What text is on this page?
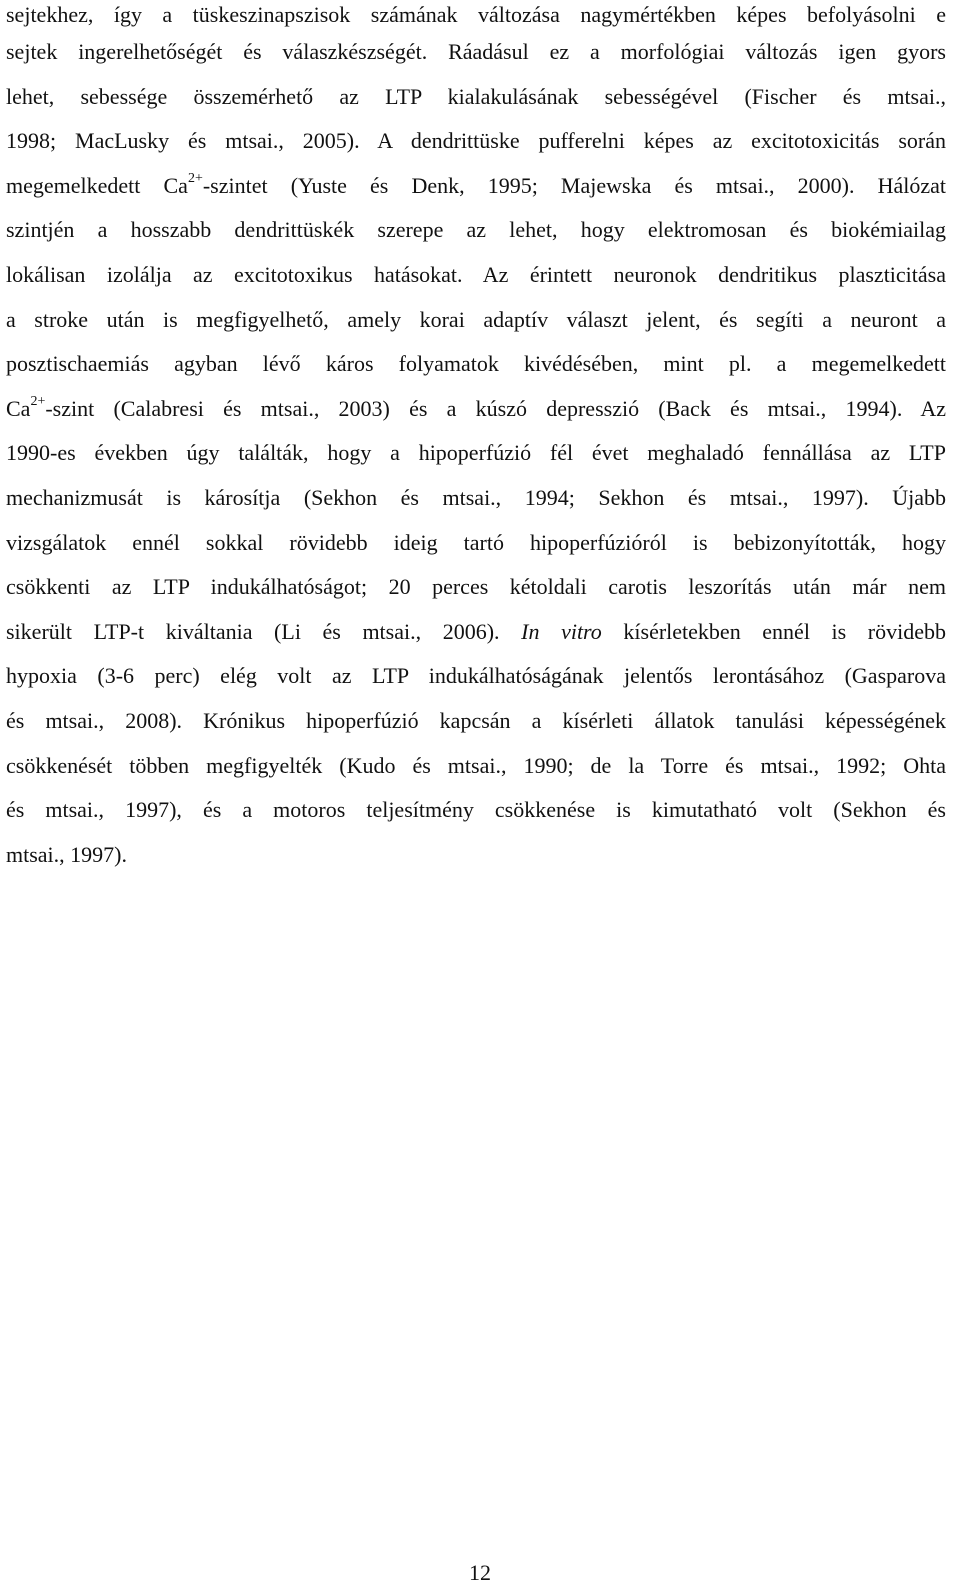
sejtekhez, így a tüskeszinapszisok számának változása nagymértékben képes befolyásolni e
sejtek ingerelhetőségét és válaszkészségét. Ráadásul ez a morfológiai változás igen gyors
lehet, sebessége összemérhető az LTP kialakulásának sebességével (Fischer és mtsai.,
1998; MacLusky és mtsai., 2005). A dendrittüske pufferelni képes az excitotoxicitás során
megemelkedett $Ca^{2+}$-szintet (Yuste és Denk, 1995; Majewska és mtsai., 2000). Hálózat
szintjén a hosszabb dendrittüskék szerepe az lehet, hogy elektromosan és biokémiailag
lokálisan izolálja az excitotoxikus hatásokat. Az érintett neuronok dendritikus plaszticitása
a stroke után is megfigyelhető, amely korai adaptív választ jelent, és segíti a neuront a
posztischaemiás agyban lévő káros folyamatok kivédésében, mint pl. a megemelkedett
$Ca^{2+}$-szint (Calabresi és mtsai., 2003) és a kúszó depresszió (Back és mtsai., 1994). Az
1990-es években úgy találták, hogy a hipoperfúzió fél évet meghaladó fennállása az LTP
mechanizmusát is károsítja (Sekhon és mtsai., 1994; Sekhon és mtsai., 1997). Újabb
vizsgálatok ennél sokkal rövidebb ideig tartó hipoperfúzióról is bebizonyították, hogy
csökkenti az LTP indukálhatóságot; 20 perces kétoldali carotis leszorítás után már nem
sikerült LTP-t kiváltania (Li és mtsai., 2006). In vitro kísérletekben ennél is rövidebb
hypoxia (3-6 perc) elég volt az LTP indukálhatóságának jelentős lerontásához (Gasparova
és mtsai., 2008). Krónikus hipoperfúzió kapcsán a kísérleti állatok tanulási képességének
csökkenését többen megfigyelték (Kudo és mtsai., 1990; de la Torre és mtsai., 1992; Ohta
és mtsai., 1997), és a motoros teljesítmény csökkenése is kimutatható volt (Sekhon és
mtsai., 1997).
12
